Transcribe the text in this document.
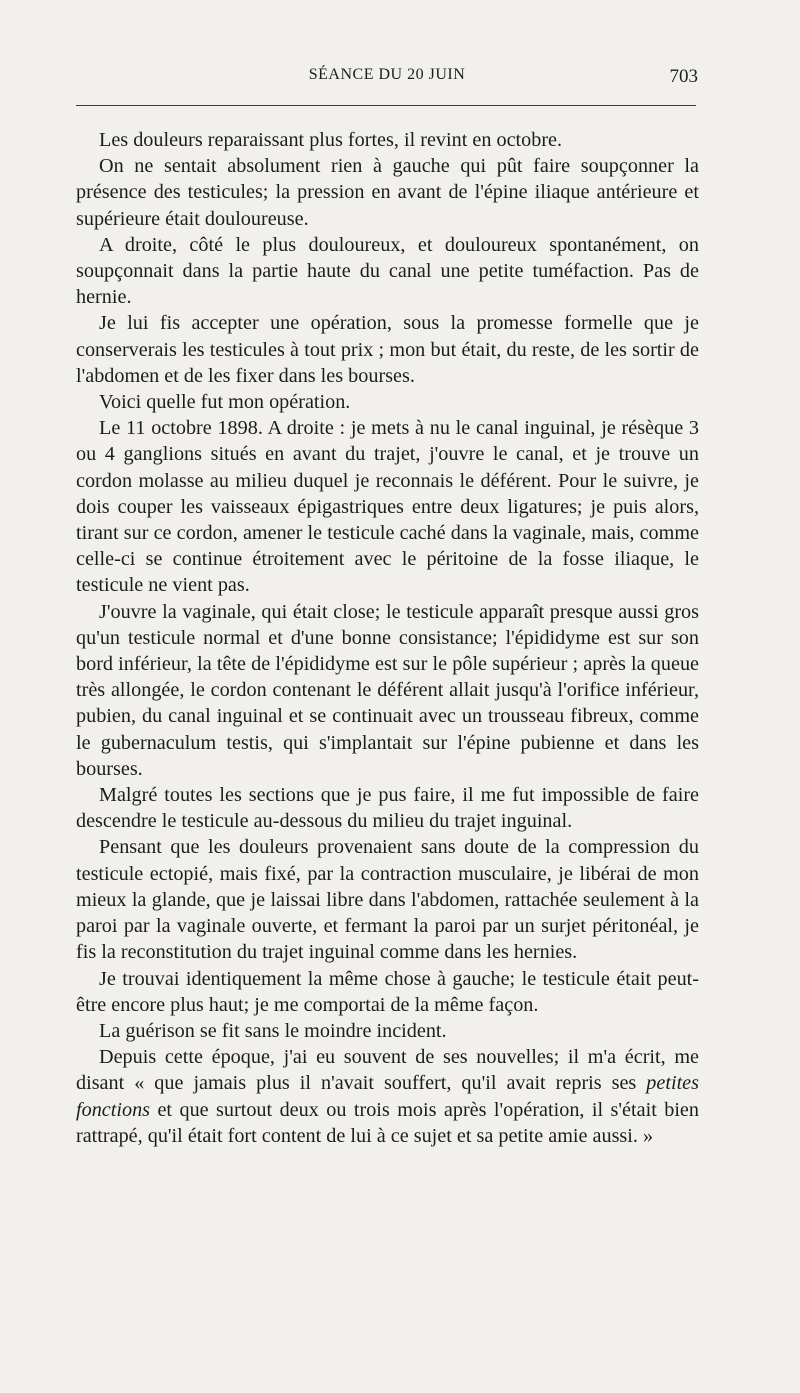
SÉANCE DU 20 JUIN	703

Les douleurs reparaissant plus fortes, il revint en octobre.

On ne sentait absolument rien à gauche qui pût faire soupçonner la présence des testicules; la pression en avant de l'épine iliaque antérieure et supérieure était douloureuse.

A droite, côté le plus douloureux, et douloureux spontanément, on soupçonnait dans la partie haute du canal une petite tuméfaction. Pas de hernie.

Je lui fis accepter une opération, sous la promesse formelle que je conserverais les testicules à tout prix ; mon but était, du reste, de les sortir de l'abdomen et de les fixer dans les bourses.

Voici quelle fut mon opération.

Le 11 octobre 1898. A droite : je mets à nu le canal inguinal, je résèque 3 ou 4 ganglions situés en avant du trajet, j'ouvre le canal, et je trouve un cordon molasse au milieu duquel je reconnais le déférent. Pour le suivre, je dois couper les vaisseaux épigastriques entre deux ligatures; je puis alors, tirant sur ce cordon, amener le testicule caché dans la vaginale, mais, comme celle-ci se continue étroitement avec le péritoine de la fosse iliaque, le testicule ne vient pas.

J'ouvre la vaginale, qui était close; le testicule apparaît presque aussi gros qu'un testicule normal et d'une bonne consistance; l'épididyme est sur son bord inférieur, la tête de l'épididyme est sur le pôle supérieur ; après la queue très allongée, le cordon contenant le déférent allait jusqu'à l'orifice inférieur, pubien, du canal inguinal et se continuait avec un trousseau fibreux, comme le gubernaculum testis, qui s'implantait sur l'épine pubienne et dans les bourses.

Malgré toutes les sections que je pus faire, il me fut impossible de faire descendre le testicule au-dessous du milieu du trajet inguinal.

Pensant que les douleurs provenaient sans doute de la compression du testicule ectopié, mais fixé, par la contraction musculaire, je libérai de mon mieux la glande, que je laissai libre dans l'abdomen, rattachée seulement à la paroi par la vaginale ouverte, et fermant la paroi par un surjet péritonéal, je fis la reconstitution du trajet inguinal comme dans les hernies.

Je trouvai identiquement la même chose à gauche; le testicule était peut-être encore plus haut; je me comportai de la même façon.

La guérison se fit sans le moindre incident.

Depuis cette époque, j'ai eu souvent de ses nouvelles; il m'a écrit, me disant « que jamais plus il n'avait souffert, qu'il avait repris ses petites fonctions et que surtout deux ou trois mois après l'opération, il s'était bien rattrapé, qu'il était fort content de lui à ce sujet et sa petite amie aussi. »
